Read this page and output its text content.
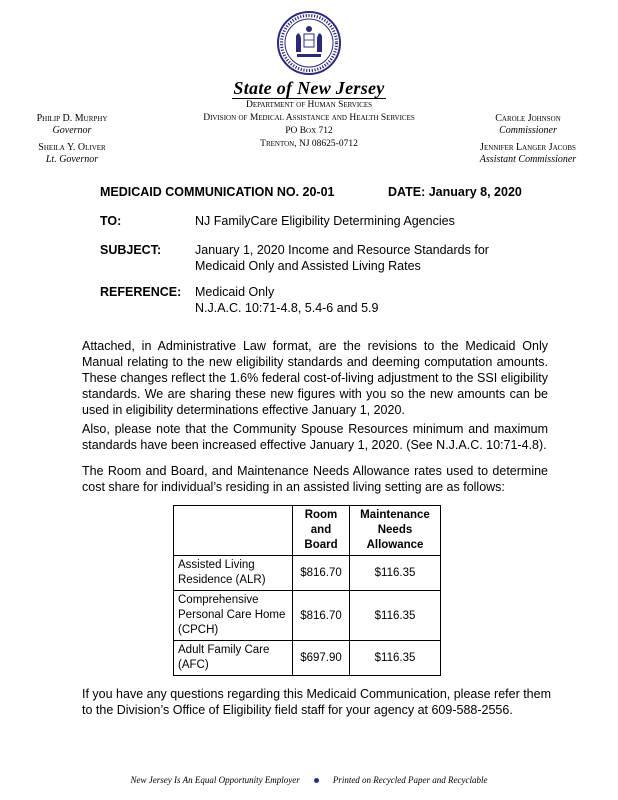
State of New Jersey
Department of Human Services
Division of Medical Assistance and Health Services
PO Box 712
Trenton, NJ 08625-0712
Philip D. Murphy
Governor
Sheila Y. Oliver
Lt. Governor
Carole Johnson
Commissioner
Jennifer Langer Jacobs
Assistant Commissioner
MEDICAID COMMUNICATION NO. 20-01	DATE: January 8, 2020
TO:	NJ FamilyCare Eligibility Determining Agencies
SUBJECT:	January 1, 2020 Income and Resource Standards for
Medicaid Only and Assisted Living Rates
REFERENCE: Medicaid Only
N.J.A.C. 10:71-4.8, 5.4-6 and 5.9
Attached, in Administrative Law format, are the revisions to the Medicaid Only Manual relating to the new eligibility standards and deeming computation amounts. These changes reflect the 1.6% federal cost-of-living adjustment to the SSI eligibility standards. We are sharing these new figures with you so the new amounts can be used in eligibility determinations effective January 1, 2020.
Also, please note that the Community Spouse Resources minimum and maximum standards have been increased effective January 1, 2020. (See N.J.A.C. 10:71-4.8).
The Room and Board, and Maintenance Needs Allowance rates used to determine cost share for individual’s residing in an assisted living setting are as follows:
	Room and Board	Maintenance Needs Allowance
Assisted Living Residence (ALR)	$816.70	$116.35
Comprehensive Personal Care Home (CPCH)	$816.70	$116.35
Adult Family Care (AFC)	$697.90	$116.35
If you have any questions regarding this Medicaid Communication, please refer them to the Division’s Office of Eligibility field staff for your agency at 609-588-2556.
New Jersey Is An Equal Opportunity Employer	Printed on Recycled Paper and Recyclable
